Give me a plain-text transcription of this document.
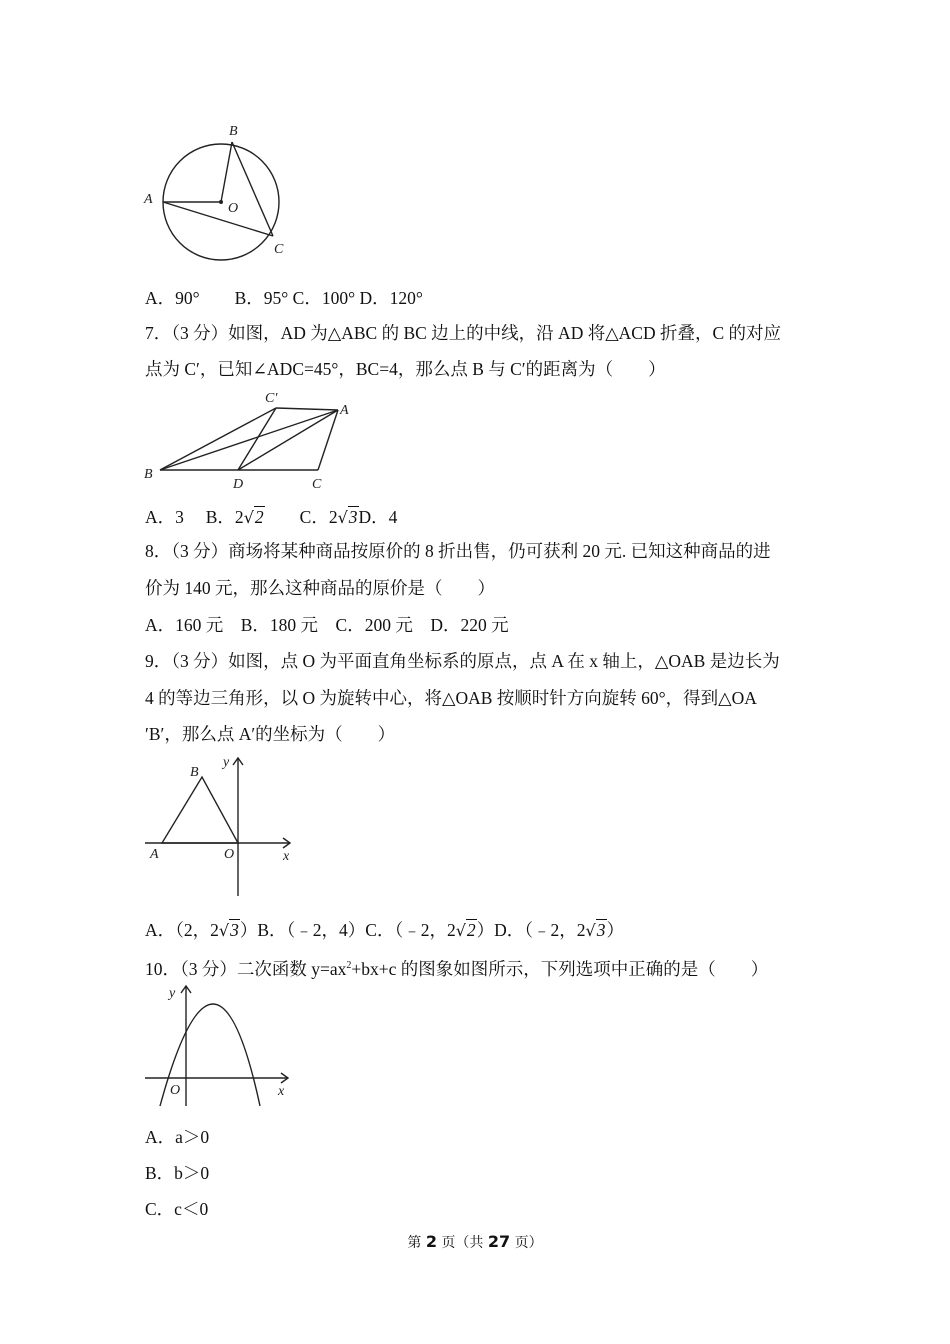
B
A
O
C
A．90°　　B．95° C．100° D．120°
7．（3 分）如图，AD 为△ABC 的 BC 边上的中线，沿 AD 将△ACD 折叠，C 的对应
点为 C′，已知∠ADC=45°，BC=4，那么点 B 与 C′的距离为（　　）
B
D	C
C′
A
A．3　 B．2√2　　C．2√3D．4
8．（3 分）商场将某种商品按原价的 8 折出售，仍可获利 20 元. 已知这种商品的进
价为 140 元，那么这种商品的原价是（　　）
A．160 元　B．180 元　C．200 元　D．220 元
9．（3 分）如图，点 O 为平面直角坐标系的原点，点 A 在 x 轴上，△OAB 是边长为
4 的等边三角形，以 O 为旋转中心，将△OAB 按顺时针方向旋转 60°，得到△OA
′B′，那么点 A′的坐标为（　　）
B
y
A	O	x
A．（2，2√3）B．（﹣2，4）C．（﹣2，2√2）D．（﹣2，2√3）
10．（3 分）二次函数 $y=ax^2+bx+c$ 的图象如图所示，下列选项中正确的是（　　）
y
O	x
A．a＞0
B．b＞0
C．c＜0
第 2 页（共 27 页）
